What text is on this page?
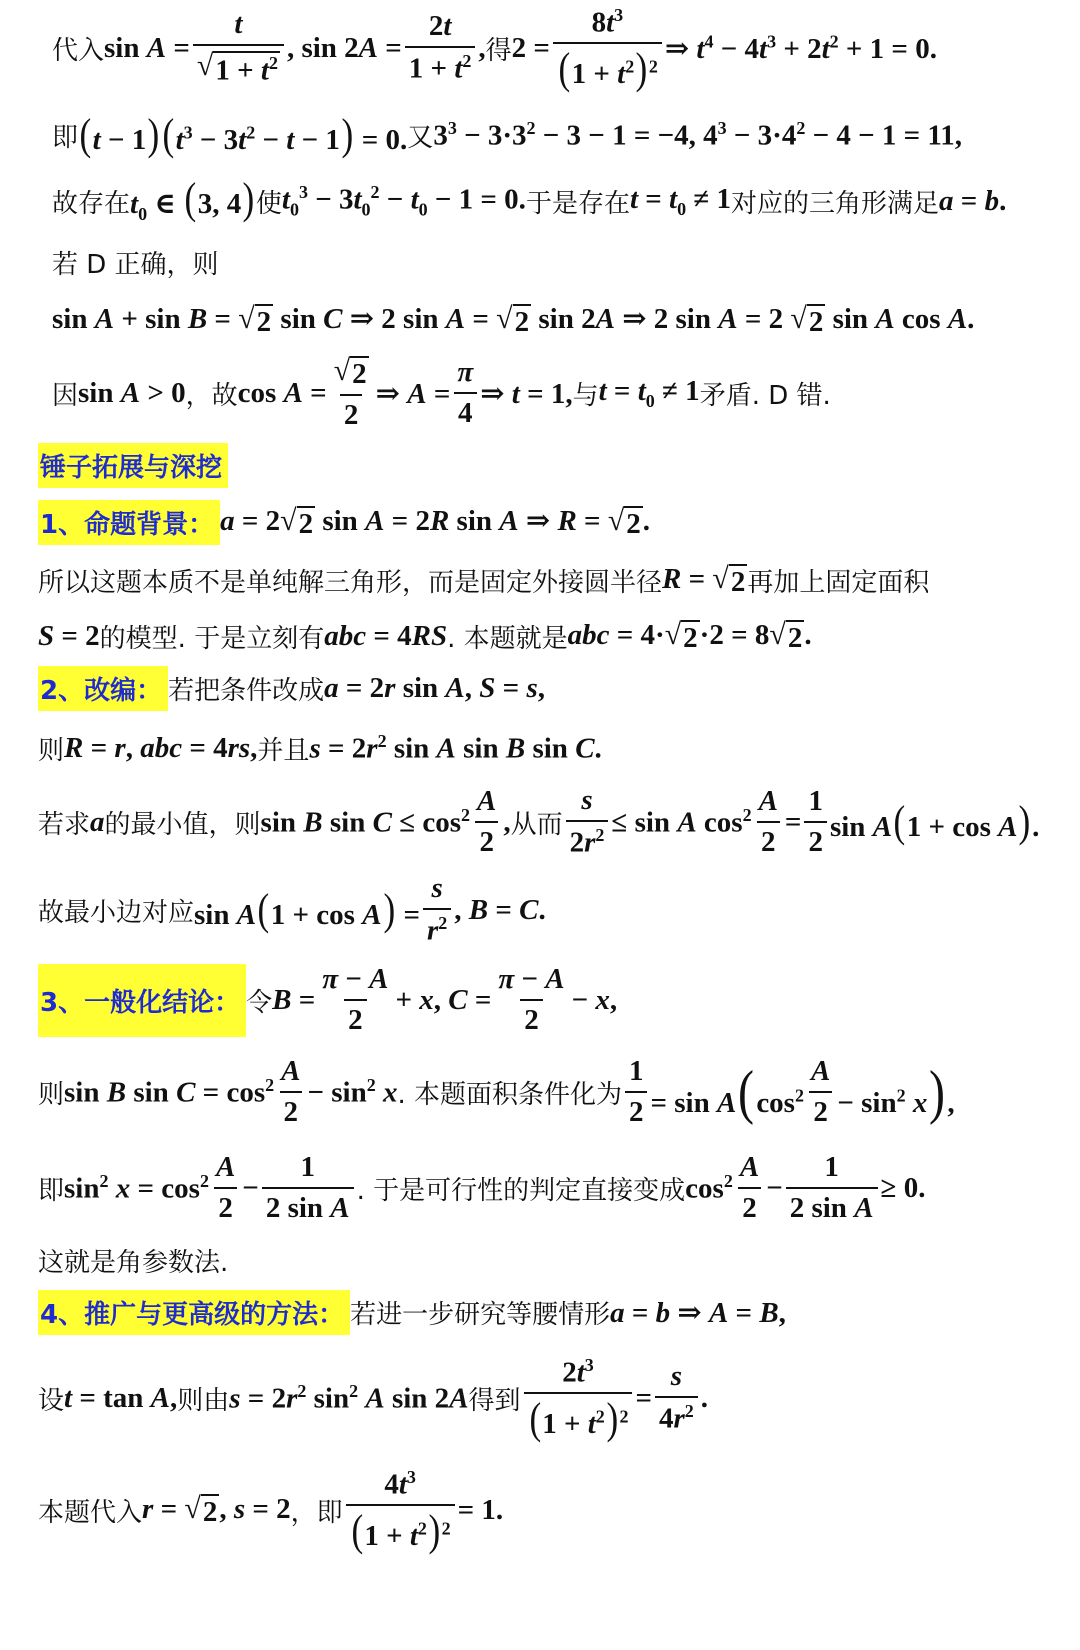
代入 $\sin A = \frac{t}{√ 1 + t^2}$ , $\sin 2A = \frac{2t}{1 + t^2}$ , 得 $2 = \frac{8t^3}{(1 + t^2)^2}$ ⇒ $t^4 - 4t^3 + 2t^2 + 1 = 0$.
即 $(t - 1)(t^3 - 3t^2 - t - 1) = 0$. 又 $3^3 - 3\cdot 3^2 - 3 - 1 = -4$, $4^3 - 3\cdot 4^2 - 4 - 1 = 11$,
故存在 $t_0$ ∈ (3, 4) 使 $t_0^3 - 3t_0^2 - t_0 - 1 = 0$. 于是存在 $t = t_0 \ne 1$ 对应的三角形满足 a = b.
若 D 正确，则
sin A + sin B = √ 2 sin C ⇒ 2 sin A = √ 2 sin 2A ⇒ 2 sin A = 2 √ 2 sin A cos A.
因 sin A > 0 ，故 $\cos A = \frac{√ 2}{2}$ ⇒ $A = \frac{\pi}{4}$ ⇒ t = 1, 与 $t = t_0 \ne 1$ 矛盾. D 错.
锤子拓展与深挖
1、命题背景： a = 2 √ 2 sin A = 2R sin A ⇒ R = √ 2 .
所以这题本质不是单纯解三角形，而是固定外接圆半径 R = √ 2 再加上固定面积
S = 2 的模型. 于是立刻有 abc = 4RS . 本题就是 abc = 4· √ 2 ·2 = 8 √ 2 .
2、改编： 若把条件改成 a = 2r sin A, S = s,
则 R = r, abc = 4rs, 并且 $s = 2r^2$ sin A sin B sin C.
若求 a 的最小值，则 sin B $\sin C \le \cos^2 \frac{A}{2}$ , 从而 $\frac{s}{2r^2} \le \sin A$ $\cos^2 \frac{A}{2} = \frac{1}{2}$ sin A(1 + cos A).
故最小边对应 $\sin A(1 + \cos A) = \frac{s}{r^2}$ , B = C.
3、一般化结论： 令 $B = \frac{\pi - A}{2} + x$, $C = \frac{\pi - A}{2} - x$,
则 sin B $\sin C = \cos^2 \frac{A}{2} - \sin^2 x$ . 本题面积条件化为 $\frac{1}{2} = \sin A(\cos^2 \frac{A}{2} - \sin^2 x)$,
即 $\sin^2 x = \cos^2 \frac{A}{2} - \frac{1}{\text{2 sin A}}$ . 于是可行性的判定直接变成 $\cos^2 \frac{A}{2} - \frac{1}{\text{2 sin A}} \ge 0$.
这就是角参数法.
4、推广与更高级的方法： 若进一步研究等腰情形 a = b ⇒ A = B,
设 t = tan A, 则由 $s = 2r^2$ $\sin^2 A$ sin 2A 得到 $\frac{2t^3}{(1 + t^2)^2} = \frac{s}{4r^2}$ .
本题代入 r = √ 2 , s = 2 ，即 $\frac{4t^3}{(1 + t^2)^2} = 1$.
